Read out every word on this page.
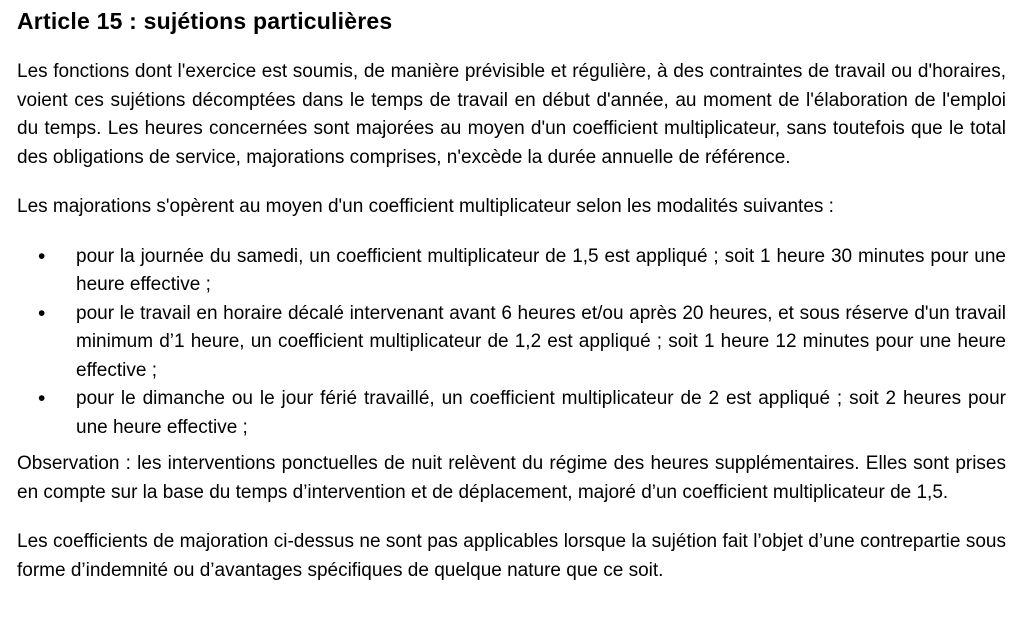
Article 15 : sujétions particulières

Les fonctions dont l'exercice est soumis, de manière prévisible et régulière, à des contraintes de travail ou d'horaires, voient ces sujétions décomptées dans le temps de travail en début d'année, au moment de l'élaboration de l'emploi du temps. Les heures concernées sont majorées au moyen d'un coefficient multiplicateur, sans toutefois que le total des obligations de service, majorations comprises, n'excède la durée annuelle de référence.

Les majorations s'opèrent au moyen d'un coefficient multiplicateur selon les modalités suivantes :

•	pour la journée du samedi, un coefficient multiplicateur de 1,5 est appliqué ; soit 1 heure 30 minutes pour une heure effective ;
•	pour le travail en horaire décalé intervenant avant 6 heures et/ou après 20 heures, et sous réserve d'un travail minimum d’1 heure, un coefficient multiplicateur de 1,2 est appliqué ; soit 1 heure 12 minutes pour une heure effective ;
•	pour le dimanche ou le jour férié travaillé, un coefficient multiplicateur de 2 est appliqué ; soit 2 heures pour une heure effective ;

Observation : les interventions ponctuelles de nuit relèvent du régime des heures supplémentaires. Elles sont prises en compte sur la base du temps d’intervention et de déplacement, majoré d’un coefficient multiplicateur de 1,5.

Les coefficients de majoration ci-dessus ne sont pas applicables lorsque la sujétion fait l’objet d’une contrepartie sous forme d’indemnité ou d’avantages spécifiques de quelque nature que ce soit.
